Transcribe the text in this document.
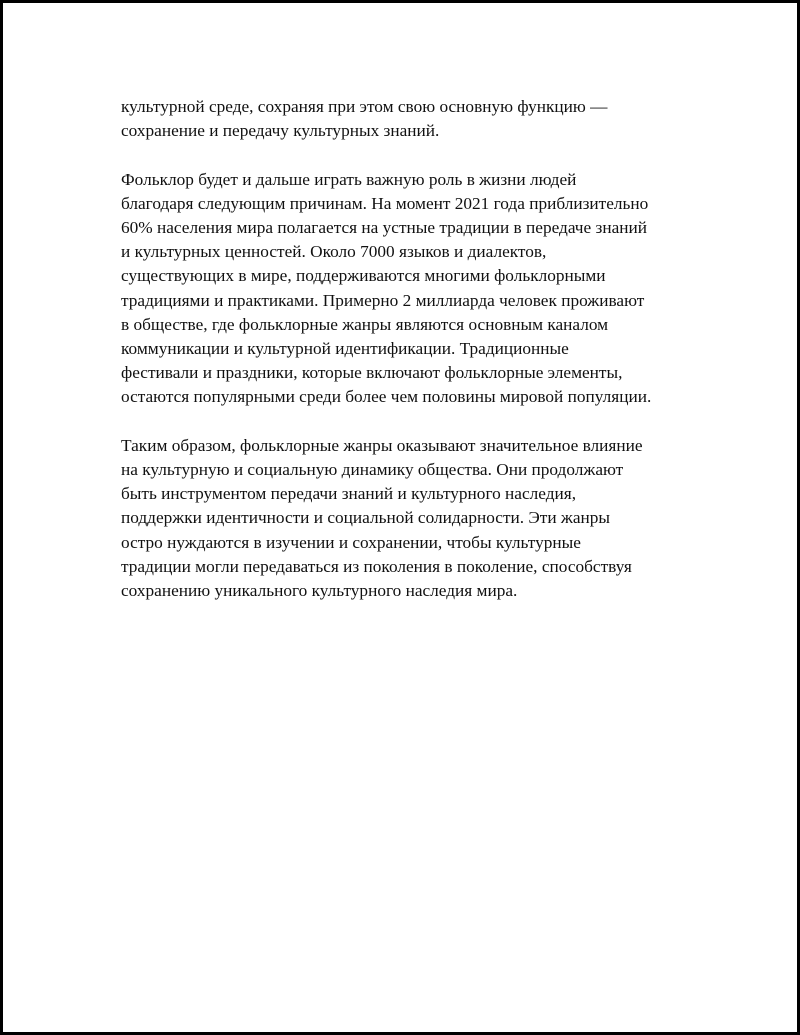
культурной среде, сохраняя при этом свою основную функцию —
сохранение и передачу культурных знаний.

Фольклор будет и дальше играть важную роль в жизни людей
благодаря следующим причинам. На момент 2021 года приблизительно
60% населения мира полагается на устные традиции в передаче знаний
и культурных ценностей. Около 7000 языков и диалектов,
существующих в мире, поддерживаются многими фольклорными
традициями и практиками. Примерно 2 миллиарда человек проживают
в обществе, где фольклорные жанры являются основным каналом
коммуникации и культурной идентификации. Традиционные
фестивали и праздники, которые включают фольклорные элементы,
остаются популярными среди более чем половины мировой популяции.

Таким образом, фольклорные жанры оказывают значительное влияние
на культурную и социальную динамику общества. Они продолжают
быть инструментом передачи знаний и культурного наследия,
поддержки идентичности и социальной солидарности. Эти жанры
остро нуждаются в изучении и сохранении, чтобы культурные
традиции могли передаваться из поколения в поколение, способствуя
сохранению уникального культурного наследия мира.
